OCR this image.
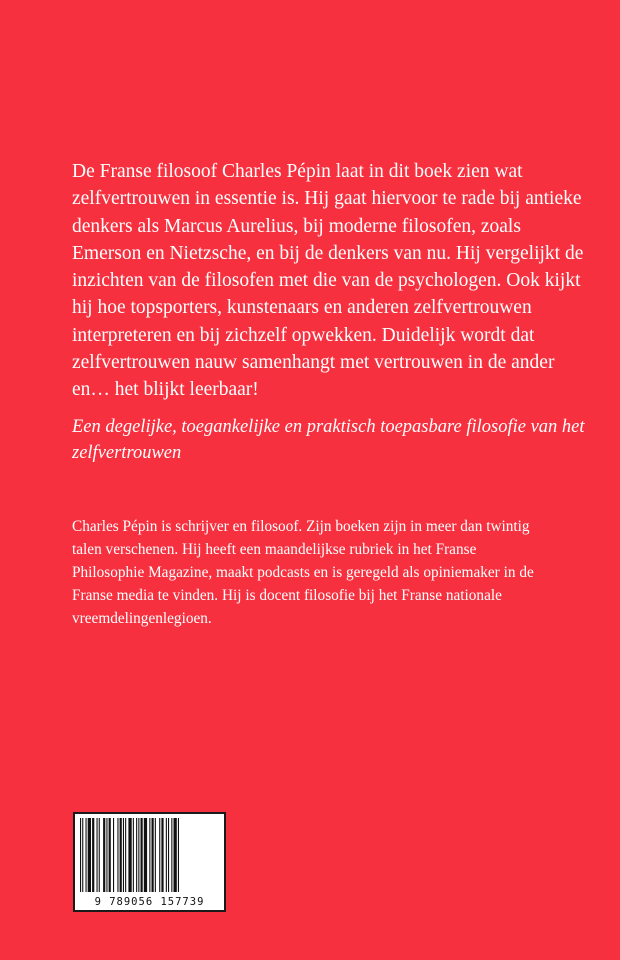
De Franse filosoof Charles Pépin laat in dit boek zien wat zelfvertrouwen in essentie is. Hij gaat hiervoor te rade bij antieke denkers als Marcus Aurelius, bij moderne filosofen, zoals Emerson en Nietzsche, en bij de denkers van nu. Hij vergelijkt de inzichten van de filosofen met die van de psychologen. Ook kijkt hij hoe topsporters, kunstenaars en anderen zelfvertrouwen interpreteren en bij zichzelf opwekken. Duidelijk wordt dat zelfvertrouwen nauw samenhangt met vertrouwen in de ander en… het blijkt leerbaar!

Een degelijke, toegankelijke en praktisch toepasbare filosofie van het zelfvertrouwen

Charles Pépin is schrijver en filosoof. Zijn boeken zijn in meer dan twintig talen verschenen. Hij heeft een maandelijkse rubriek in het Franse Philosophie Magazine, maakt podcasts en is geregeld als opiniemaker in de Franse media te vinden. Hij is docent filosofie bij het Franse nationale vreemdelingenlegioen.

9 789056 157739
